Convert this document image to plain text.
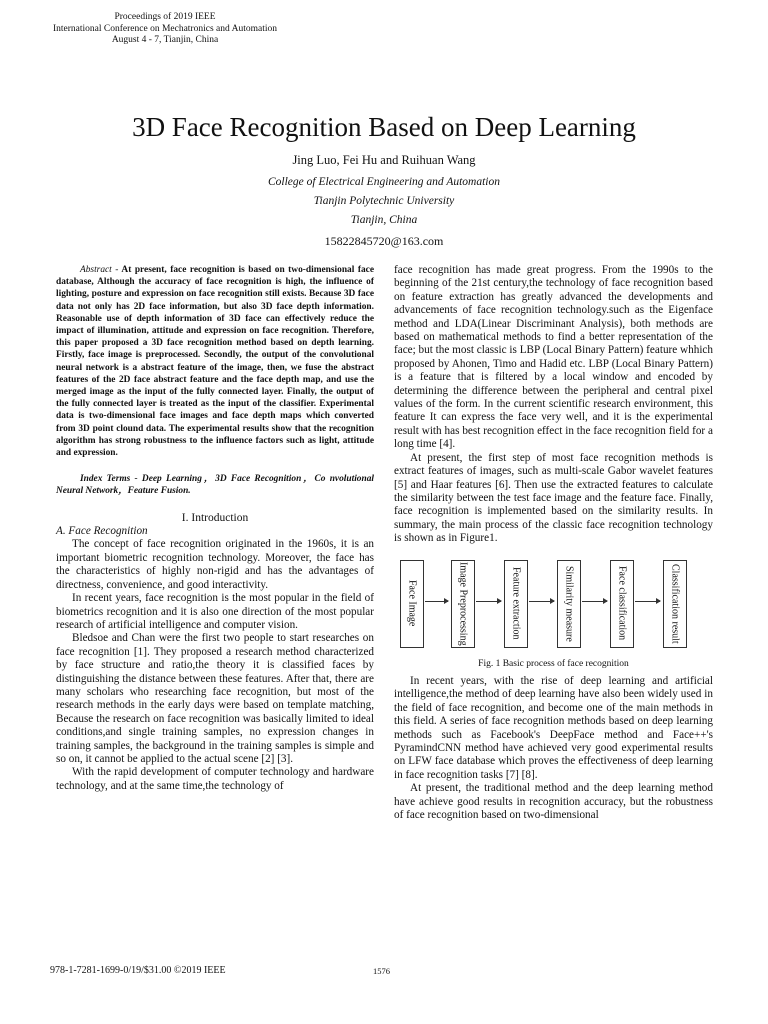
Proceedings of 2019 IEEE
International Conference on Mechatronics and Automation
August 4 - 7, Tianjin, China
3D Face Recognition Based on Deep Learning
Jing Luo, Fei Hu and Ruihuan Wang
College of Electrical Engineering and Automation
Tianjin Polytechnic University
Tianjin, China
15822845720@163.com

Abstract - At present, face recognition is based on two-dimensional face database, Although the accuracy of face recognition is high, the influence of lighting, posture and expression on face recognition still exists. Because 3D face data not only has 2D face information, but also 3D face depth information. Reasonable use of depth information of 3D face can effectively reduce the impact of illumination, attitude and expression on face recognition. Therefore, this paper proposed a 3D face recognition method based on depth learning. Firstly, face image is preprocessed. Secondly, the output of the convolutional neural network is a abstract feature of the image, then, we fuse the abstract features of the 2D face abstract feature and the face depth map, and use the merged image as the input of the fully connected layer. Finally, the output of the fully connected layer is treated as the input of the classifier. Experimental data is two-dimensional face images and face depth maps which converted from 3D point clound data. The experimental results show that the recognition algorithm has strong robustness to the influence factors such as light, attitude and expression.

Index Terms - Deep Learning，3D Face Recognition，Co nvolutional Neural Network，Feature Fusion.

I. Introduction

A. Face Recognition

The concept of face recognition originated in the 1960s, it is an important biometric recognition technology. Moreover, the face has the characteristics of highly non-rigid and has the advantages of directness, convenience, and good interactivity.

In recent years, face recognition is the most popular in the field of biometrics recognition and it is also one direction of the most popular research of artificial intelligence and computer vision.

Bledsoe and Chan were the first two people to start researches on face recognition [1]. They proposed a research method characterized by face structure and ratio,the theory it is classified faces by distinguishing the distance between these features. After that, there are many scholars who researching face recognition, but most of the research methods in the early days were based on template matching, Because the research on face recognition was basically limited to ideal conditions,and single training samples, no expression changes in training samples, the background in the training samples is simple and so on, it cannot be applied to the actual scene [2] [3].

With the rapid development of computer technology and hardware technology, and at the same time,the technology of

face recognition has made great progress. From the 1990s to the beginning of the 21st century,the technology of face recognition based on feature extraction has greatly advanced the developments and advancements of face recognition technology.such as the Eigenface method and LDA(Linear Discriminant Analysis), both methods are based on mathematical methods to find a better representation of the face; but the most classic is LBP (Local Binary Pattern) feature whhich proposed by Ahonen, Timo and Hadid etc. LBP (Local Binary Pattern) is a feature that is filtered by a local window and encoded by determining the difference between the peripheral and central pixel values of the form. In the current scientific research environment, this feature It can express the face very well, and it is the experimental result with has best recognition effect in the face recognition field for a long time [4].

At present, the first step of most face recognition methods is extract features of images, such as multi-scale Gabor wavelet features [5] and Haar features [6]. Then use the extracted features to calculate the similarity between the test face image and the feature face. Finally, face recognition is implemented based on the similarity results. In summary, the main process of the classic face recognition technology is shown as in Figure1.

Face Image	Image Preprocessing	Feature extraction	Similarity measure	Face classification	Classification result

Fig. 1 Basic process of face recognition

In recent years, with the rise of deep learning and artificial intelligence,the method of deep learning have also been widely used in the field of face recognition, and become one of the main methods in this field. A series of face recognition methods based on deep learning methods such as Facebook's DeepFace method and Face++'s PyramindCNN method have achieved very good experimental results on LFW face database which proves the effectiveness of deep learning in face recognition tasks [7] [8].

At present, the traditional method and the deep learning method have achieve good results in recognition accuracy, but the robustness of face recognition based on two-dimensional

978-1-7281-1699-0/19/$31.00 ©2019 IEEE	1576
